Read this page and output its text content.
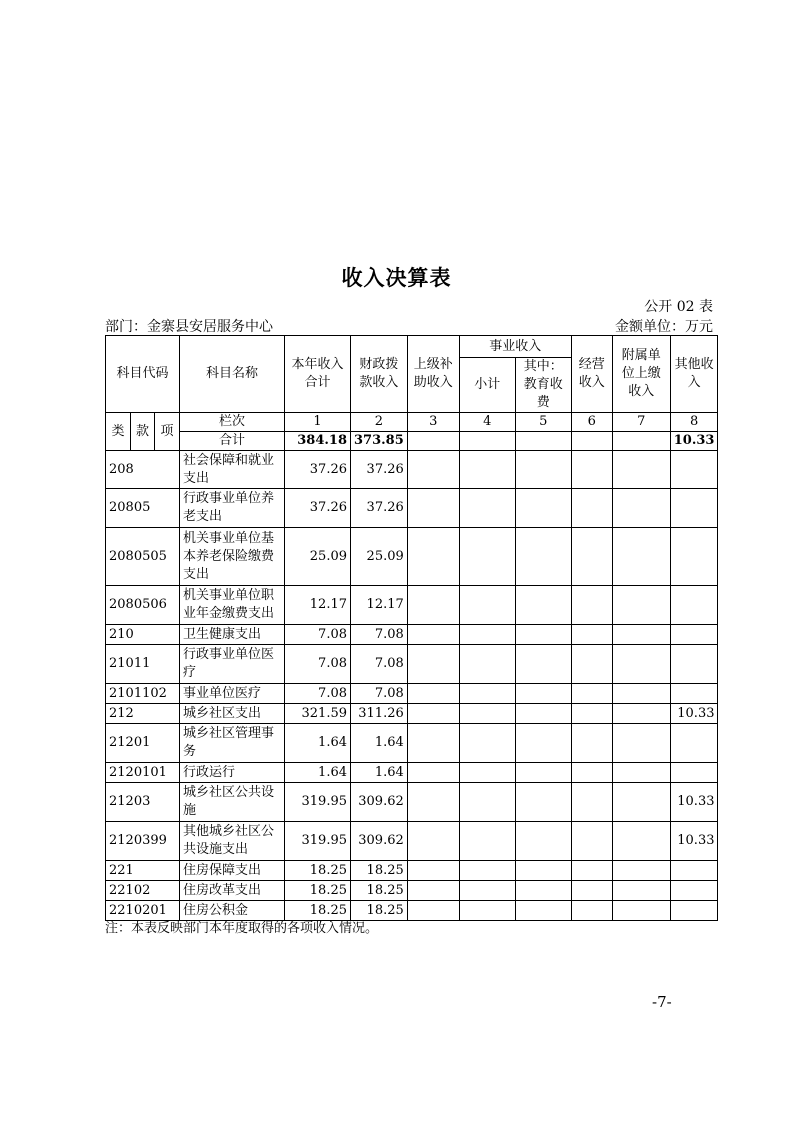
收入决算表
公开 02 表
部门：金寨县安居服务中心	金额单位：万元
科目代码			科目名称	本年收入合计	财政拨款收入	上级补助收入	事业收入		经营收入	附属单位上缴收入	其他收入
							小计	其中：教育收费			

类	款	项	栏次	1	2	3	4	5	6	7	8
			合计	384.18	373.85						10.33
208			社会保障和就业支出	37.26	37.26						
20805			行政事业单位养老支出	37.26	37.26						
2080505			机关事业单位基本养老保险缴费支出	25.09	25.09						
2080506			机关事业单位职业年金缴费支出	12.17	12.17						
210			卫生健康支出	7.08	7.08						
21011			行政事业单位医疗	7.08	7.08						
2101102			事业单位医疗	7.08	7.08						
212			城乡社区支出	321.59	311.26						10.33
21201			城乡社区管理事务	1.64	1.64						
2120101			行政运行	1.64	1.64						
21203			城乡社区公共设施	319.95	309.62						10.33
2120399			其他城乡社区公共设施支出	319.95	309.62						10.33
221			住房保障支出	18.25	18.25						
22102			住房改革支出	18.25	18.25						
2210201			住房公积金	18.25	18.25						
注：本表反映部门本年度取得的各项收入情况。
-7-
